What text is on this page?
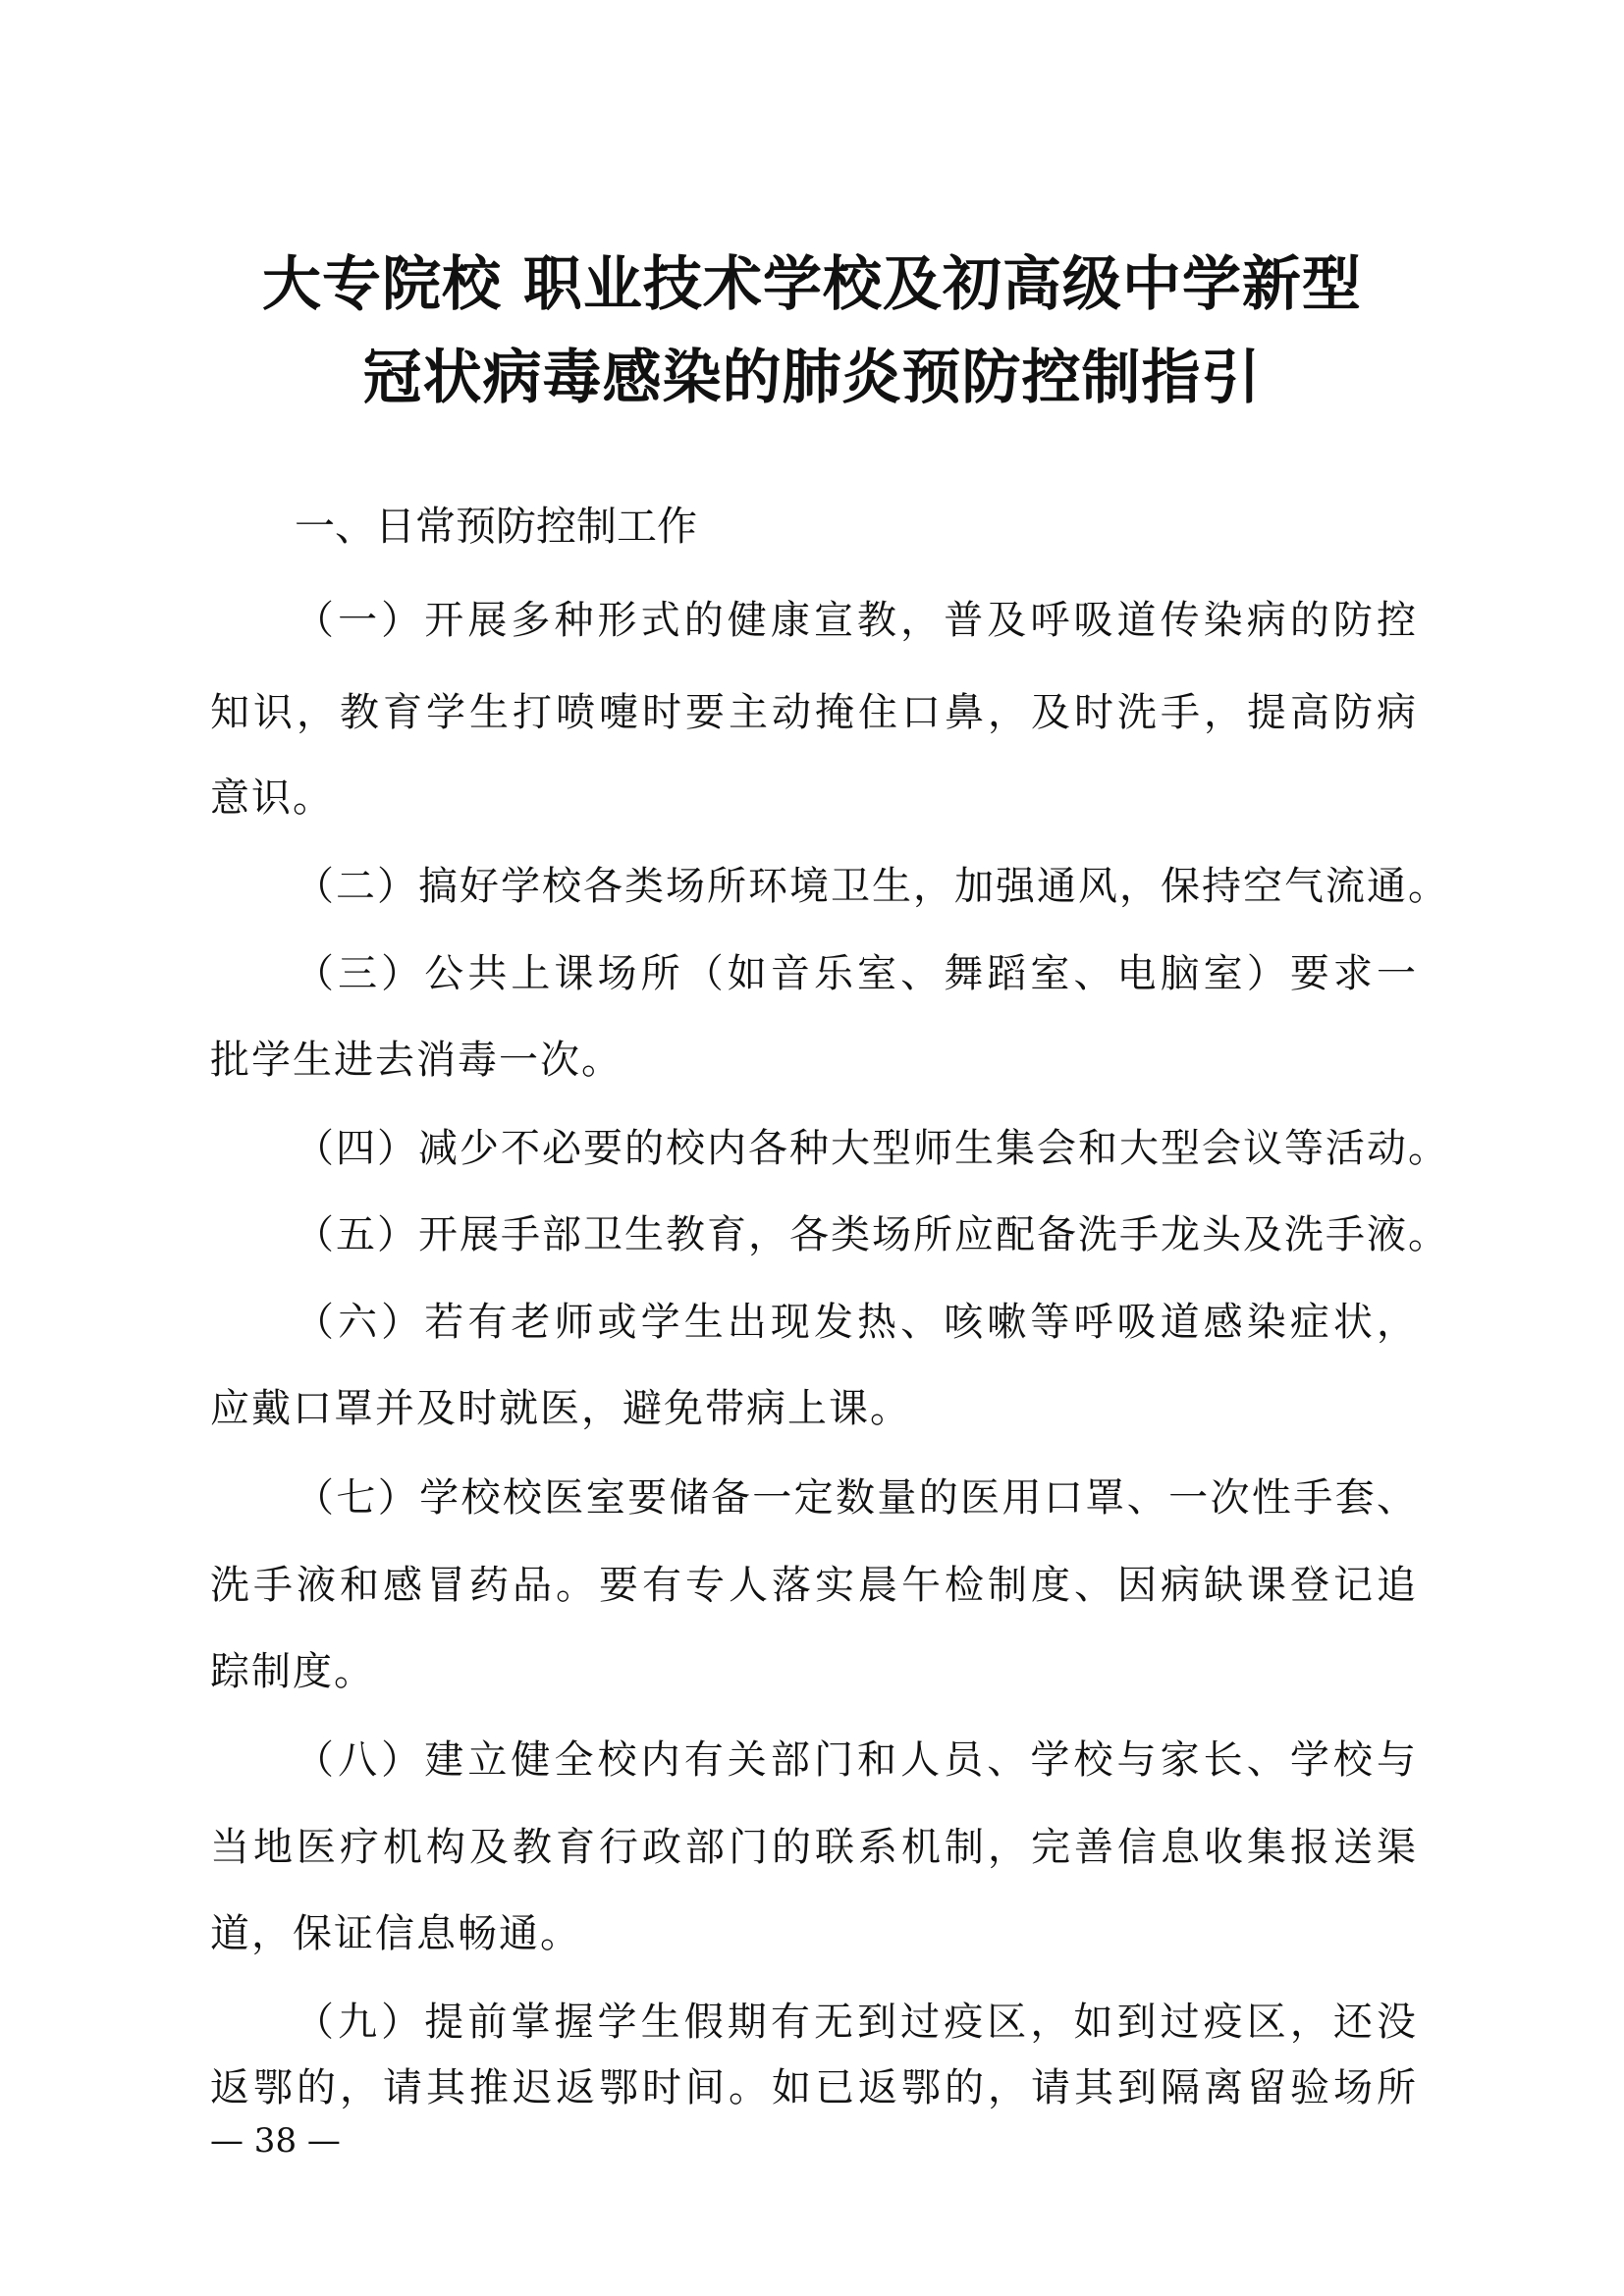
大专院校 职业技术学校及初高级中学新型
冠状病毒感染的肺炎预防控制指引
一、日常预防控制工作
（一）开展多种形式的健康宣教，普及呼吸道传染病的防控
知识，教育学生打喷嚏时要主动掩住口鼻，及时洗手，提高防病
意识。
（二）搞好学校各类场所环境卫生，加强通风，保持空气流通。
（三）公共上课场所（如音乐室、舞蹈室、电脑室）要求一
批学生进去消毒一次。
（四）减少不必要的校内各种大型师生集会和大型会议等活动。
（五）开展手部卫生教育，各类场所应配备洗手龙头及洗手液。
（六）若有老师或学生出现发热、咳嗽等呼吸道感染症状，
应戴口罩并及时就医，避免带病上课。
（七）学校校医室要储备一定数量的医用口罩、一次性手套、
洗手液和感冒药品。要有专人落实晨午检制度、因病缺课登记追
踪制度。
（八）建立健全校内有关部门和人员、学校与家长、学校与
当地医疗机构及教育行政部门的联系机制，完善信息收集报送渠
道，保证信息畅通。
（九）提前掌握学生假期有无到过疫区，如到过疫区，还没
返鄂的，请其推迟返鄂时间。如已返鄂的，请其到隔离留验场所
— 38 —
